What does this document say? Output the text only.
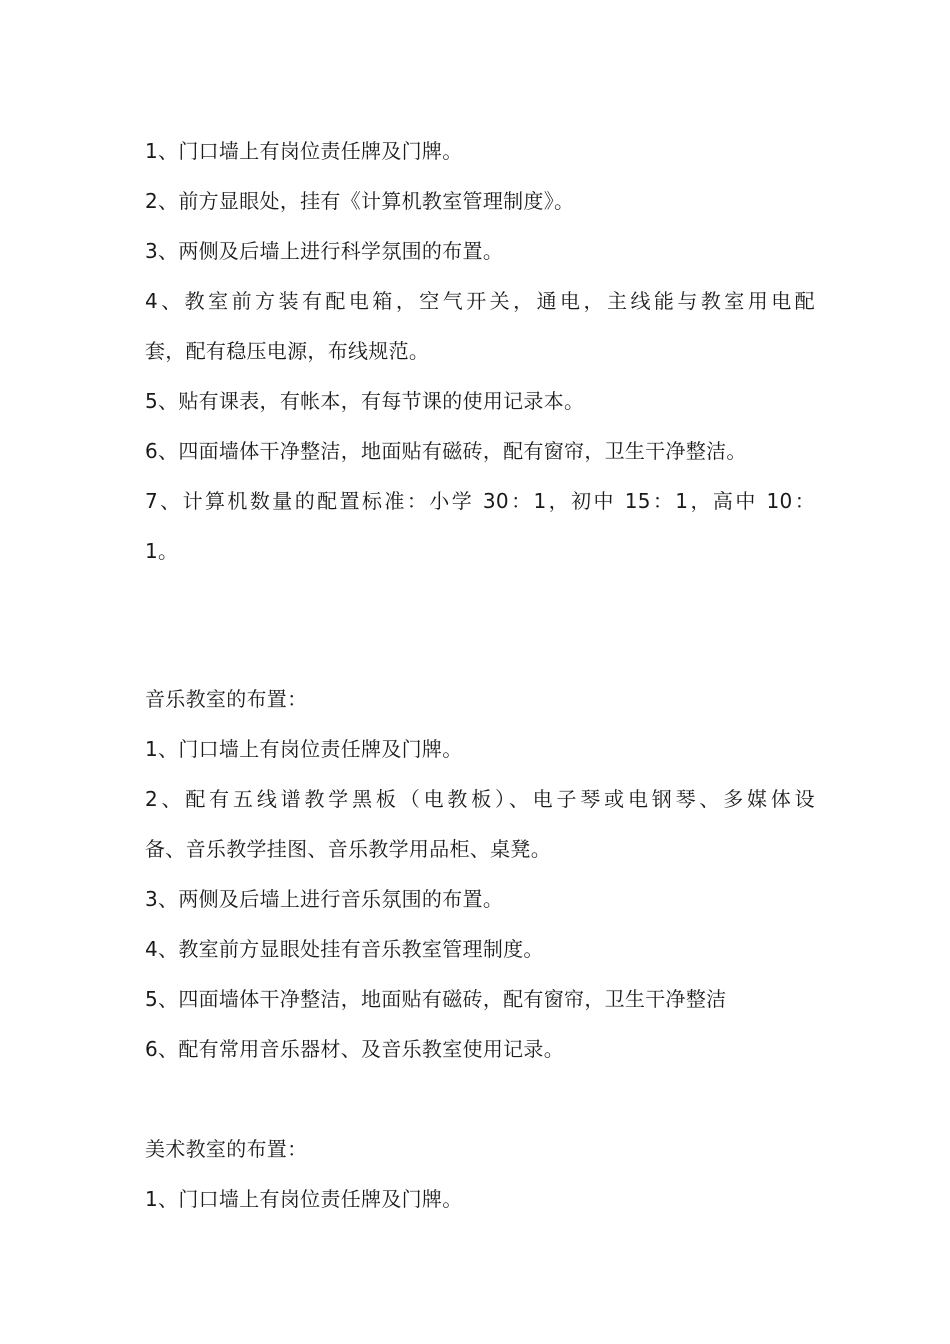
1、门口墙上有岗位责任牌及门牌。
2、前方显眼处，挂有《计算机教室管理制度》。
3、两侧及后墙上进行科学氛围的布置。
4、教室前方装有配电箱，空气开关，通电，主线能与教室用电配
套，配有稳压电源，布线规范。
5、贴有课表，有帐本，有每节课的使用记录本。
6、四面墙体干净整洁，地面贴有磁砖，配有窗帘，卫生干净整洁。
7、计算机数量的配置标准：小学 30：1，初中 15：1，高中 10：
1。
音乐教室的布置：
1、门口墙上有岗位责任牌及门牌。
2、配有五线谱教学黑板（电教板）、电子琴或电钢琴、多媒体设
备、音乐教学挂图、音乐教学用品柜、桌凳。
3、两侧及后墙上进行音乐氛围的布置。
4、教室前方显眼处挂有音乐教室管理制度。
5、四面墙体干净整洁，地面贴有磁砖，配有窗帘，卫生干净整洁
6、配有常用音乐器材、及音乐教室使用记录。
美术教室的布置：
1、门口墙上有岗位责任牌及门牌。
